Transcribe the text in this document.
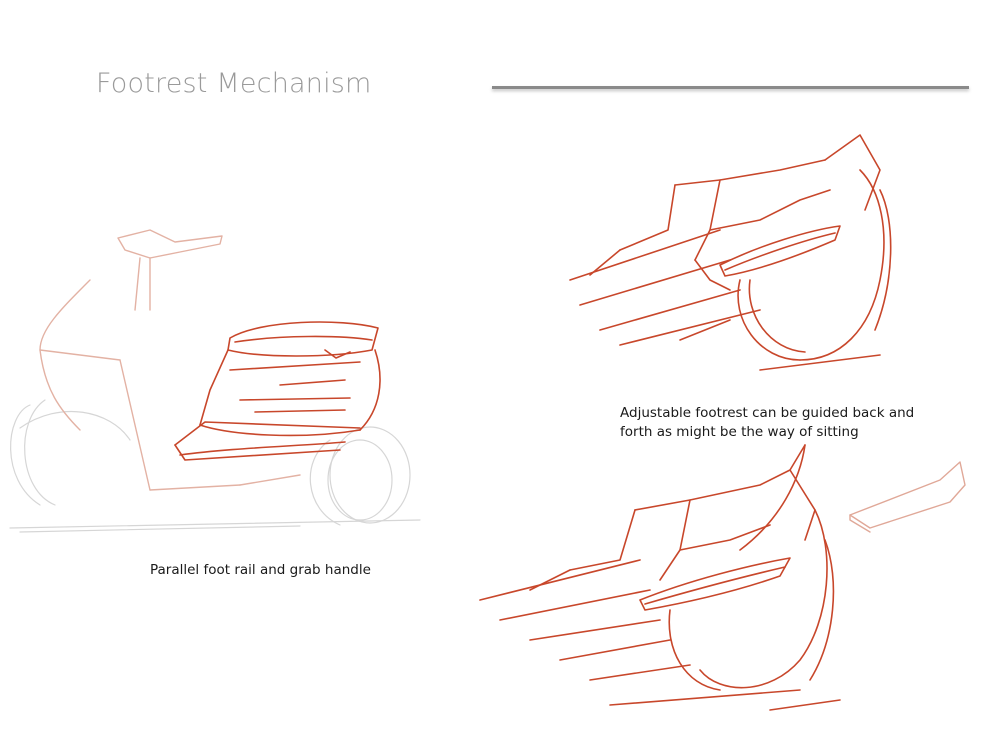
Footrest Mechanism
Parallel foot rail and grab handle
Adjustable footrest can be guided back and forth as might be the way of sitting
